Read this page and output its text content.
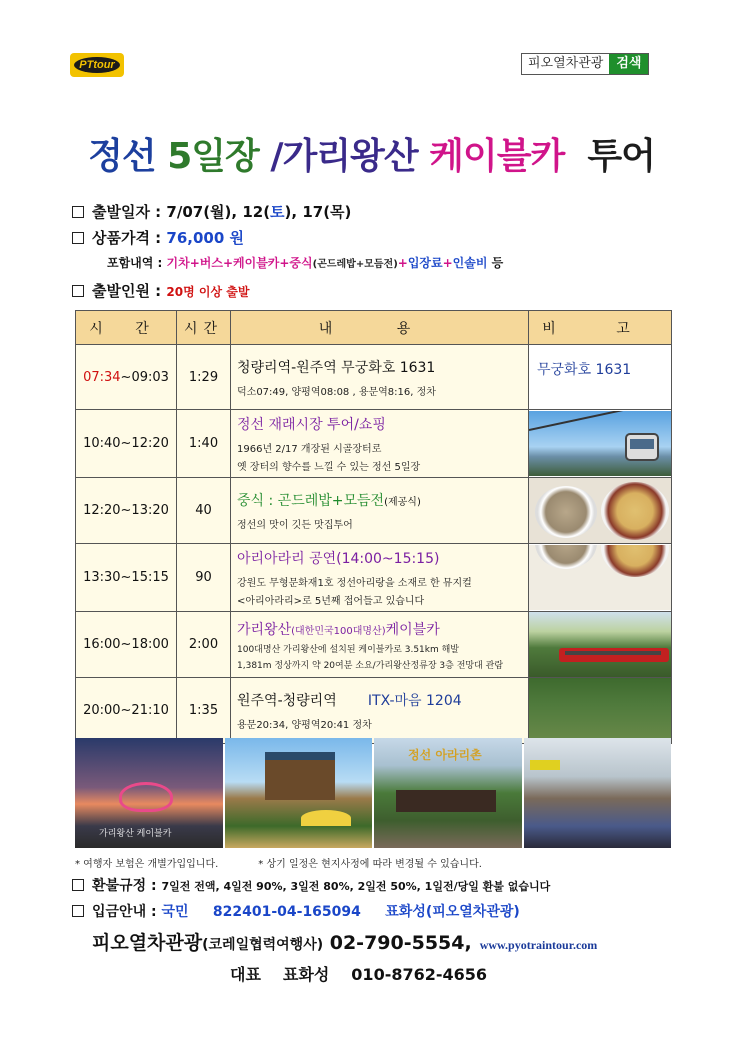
PTtour	피오열차관광	검색
정선 5일장 /가리왕산 케이블카 투어
출발일자 : 7/07(월), 12(토), 17(목)
상품가격 : 76,000 원
포함내역 : 기차+버스+케이블카+중식(곤드레밥+모듬전)+입장료+인솔비 등
출발인원 : 20명 이상 출발
시 간	시간	내 용	비 고
07:34~09:03	1:29	청량리역-원주역 무궁화호 1631
덕소07:49, 양평역08:08 , 용문역8:16, 정차	무궁화호 1631

10:40~12:20	1:40	정선 재래시장 투어/쇼핑
1966년 2/17 개장된 시골장터로
옛 장터의 향수를 느낄 수 있는 정선 5일장	

12:20~13:20	40	중식 : 곤드레밥+모듬전(제공식)
정선의 맛이 깃든 맛집투어	

13:30~15:15	90	아리아라리 공연(14:00~15:15)
강원도 무형문화재1호 정선아리랑을 소재로 한 뮤지컬
<아리아라리>로 5년째 접어들고 있습니다	

16:00~18:00	2:00	가리왕산(대한민국100대명산)케이블카
100대명산 가리왕산에 설치된 케이블카로 3.51km 해발
1,381m 정상까지 약 20여분 소요/가리왕산정류장 3층 전망대 관람	

20:00~21:10	1:35	원주역-청량리역 ITX-마음 1204
용문20:34, 양평역20:41 정차	

가리왕산 케이블카
정선 아라리촌
* 여행자 보험은 개별가입입니다.	* 상기 일정은 현지사정에 따라 변경될 수 있습니다.
환불규정 : 7일전 전액, 4일전 90%, 3일전 80%, 2일전 50%, 1일전/당일 환불 없습니다
입금안내 : 국민 822401-04-165094 표화성(피오열차관광)
피오열차관광(코레일협력여행사) 02-790-5554, www.pyotraintour.com
대표 표화성 010-8762-4656
